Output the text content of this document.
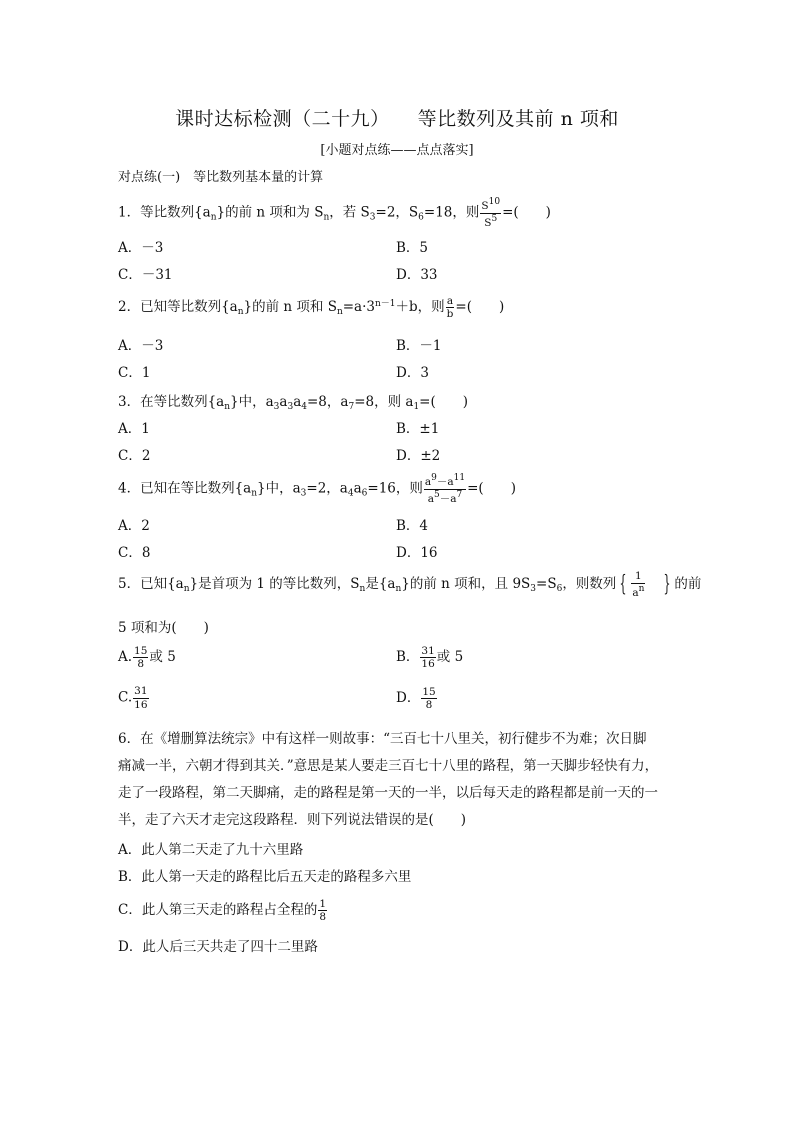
课时达标检测（二十九） 等比数列及其前 n 项和
[小题对点练——点点落实]
对点练(一)　等比数列基本量的计算
1．等比数列$\{a_n\}$的前 n 项和为 $S_n$，若 $S_3=2$，$S_6=18$，则 $\frac{S^{10}}{S^5}$ =(　　)
A．－3	B．5
C．－31	D．33
2．已知等比数列$\{a_n\}$的前 n 项和 $S_n=a\cdot 3^{n-1}+b$，则 $\frac{a}{b}$ =(　　)
A．－3	B．－1
C．1	D．3
3．在等比数列$\{a_n\}$中，$a_3a_3a_4=8$，$a_7=8$，则 $a_1=$(　　)
A．1	B．±1
C．2	D．±2
4．已知在等比数列$\{a_n\}$中，$a_3=2$，$a_4a_6=16$，则 $\frac{a^9-a^{11}}{a^5-a^7}$ =(　　)
A．2	B．4
C．8	D．16
5．已知$\{a_n\}$是首项为 1 的等比数列，$S_n$是$\{a_n\}$的前 n 项和，且 $9S_3=S_6$，则数列 { $\frac{1}{a^n}$ } 的前
5 项和为(　　)
A. $\frac{15}{8}$ 或 5	B． $\frac{31}{16}$ 或 5
C. $\frac{31}{16}$	D． $\frac{15}{8}$
6．在《增删算法统宗》中有这样一则故事：“三百七十八里关，初行健步不为难；次日脚
痛减一半，六朝才得到其关．”意思是某人要走三百七十八里的路程，第一天脚步轻快有力，
走了一段路程，第二天脚痛，走的路程是第一天的一半，以后每天走的路程都是前一天的一
半，走了六天才走完这段路程．则下列说法错误的是(　　)
A．此人第二天走了九十六里路
B．此人第一天走的路程比后五天走的路程多六里
C．此人第三天走的路程占全程的 $\frac{1}{8}$
D．此人后三天共走了四十二里路
